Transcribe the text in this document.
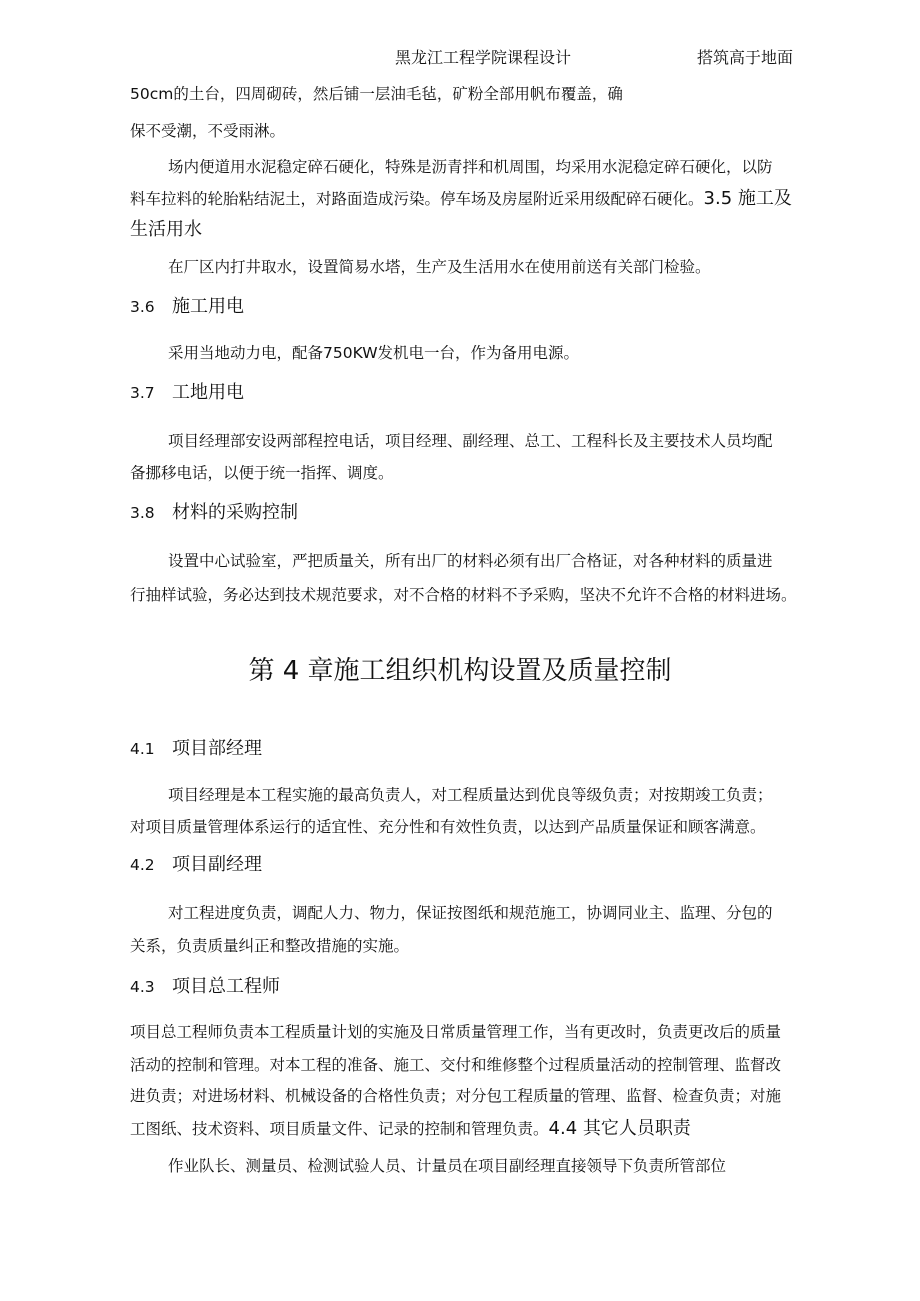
黑龙江工程学院课程设计	搭筑高于地面
50cm的土台，四周砌砖，然后铺一层油毛毡，矿粉全部用帆布覆盖，确
保不受潮，不受雨淋。
场内便道用水泥稳定碎石硬化，特殊是沥青拌和机周围，均采用水泥稳定碎石硬化，以防
料车拉料的轮胎粘结泥土，对路面造成污染。停车场及房屋附近采用级配碎石硬化。3.5 施工及
生活用水
在厂区内打井取水，设置简易水塔，生产及生活用水在使用前送有关部门检验。
3.6 施工用电
采用当地动力电，配备750KW发机电一台，作为备用电源。
3.7 工地用电
项目经理部安设两部程控电话，项目经理、副经理、总工、工程科长及主要技术人员均配
备挪移电话，以便于统一指挥、调度。
3.8 材料的采购控制
设置中心试验室，严把质量关，所有出厂的材料必须有出厂合格证，对各种材料的质量进
行抽样试验，务必达到技术规范要求，对不合格的材料不予采购，坚决不允许不合格的材料进场。
第 4 章施工组织机构设置及质量控制
4.1 项目部经理
项目经理是本工程实施的最高负责人，对工程质量达到优良等级负责；对按期竣工负责；
对项目质量管理体系运行的适宜性、充分性和有效性负责，以达到产品质量保证和顾客满意。
4.2 项目副经理
对工程进度负责，调配人力、物力，保证按图纸和规范施工，协调同业主、监理、分包的
关系，负责质量纠正和整改措施的实施。
4.3 项目总工程师
项目总工程师负责本工程质量计划的实施及日常质量管理工作，当有更改时，负责更改后的质量
活动的控制和管理。对本工程的准备、施工、交付和维修整个过程质量活动的控制管理、监督改
进负责；对进场材料、机械设备的合格性负责；对分包工程质量的管理、监督、检查负责；对施
工图纸、技术资料、项目质量文件、记录的控制和管理负责。4.4 其它人员职责
作业队长、测量员、检测试验人员、计量员在项目副经理直接领导下负责所管部位
